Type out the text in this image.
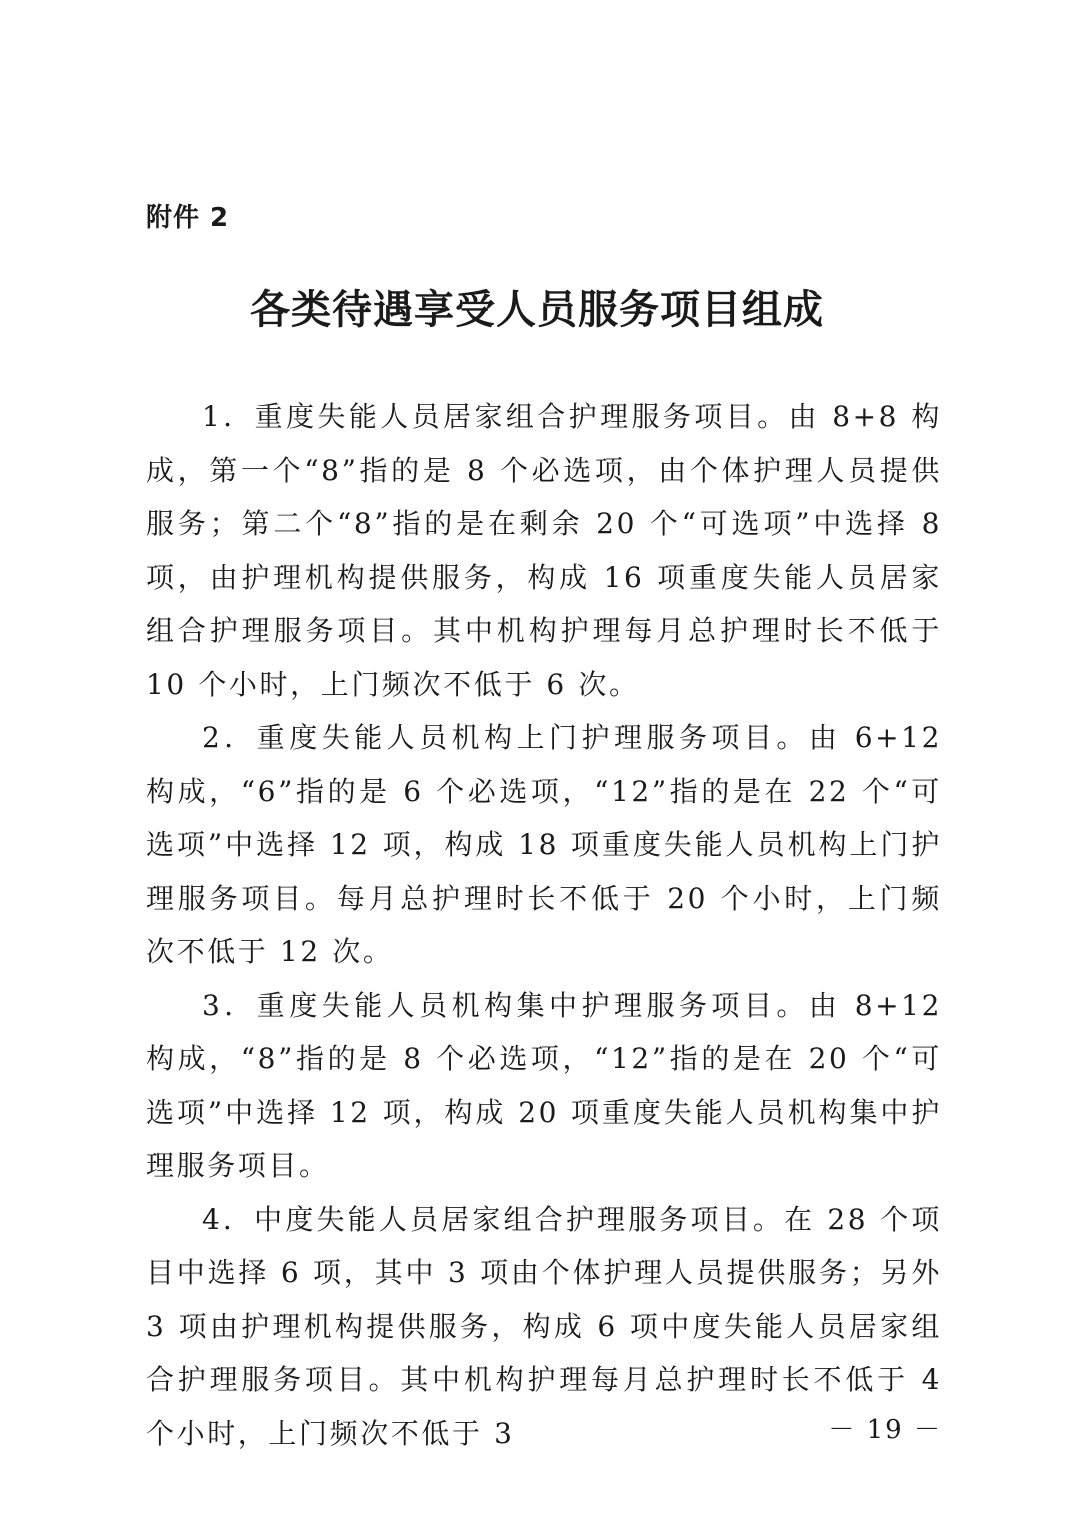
附件 2
各类待遇享受人员服务项目组成

1．重度失能人员居家组合护理服务项目。由 8+8 构成，第一个“8”指的是 8 个必选项，由个体护理人员提供服务；第二个“8”指的是在剩余 20 个“可选项”中选择 8 项，由护理机构提供服务，构成 16 项重度失能人员居家组合护理服务项目。其中机构护理每月总护理时长不低于 10 个小时，上门频次不低于 6 次。

2．重度失能人员机构上门护理服务项目。由 6+12 构成，“6”指的是 6 个必选项，“12”指的是在 22 个“可选项”中选择 12 项，构成 18 项重度失能人员机构上门护理服务项目。每月总护理时长不低于 20 个小时，上门频次不低于 12 次。

3．重度失能人员机构集中护理服务项目。由 8+12 构成，“8”指的是 8 个必选项，“12”指的是在 20 个“可选项”中选择 12 项，构成 20 项重度失能人员机构集中护理服务项目。

4．中度失能人员居家组合护理服务项目。在 28 个项目中选择 6 项，其中 3 项由个体护理人员提供服务；另外 3 项由护理机构提供服务，构成 6 项中度失能人员居家组合护理服务项目。其中机构护理每月总护理时长不低于 4 个小时，上门频次不低于 3	－ 19 －
